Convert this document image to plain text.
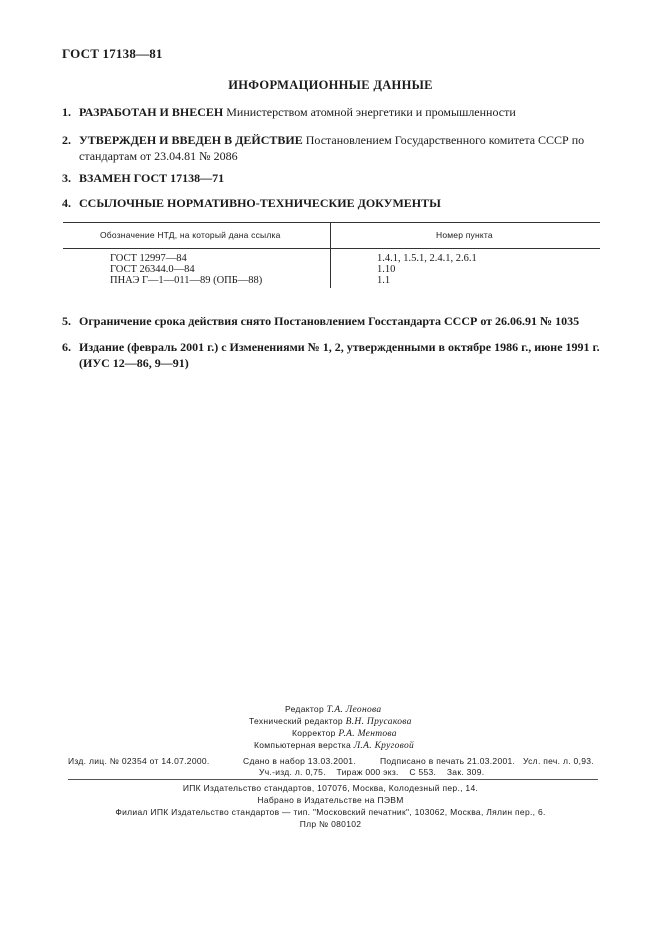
ГОСТ 17138—81
ИНФОРМАЦИОННЫЕ ДАННЫЕ
1. РАЗРАБОТАН И ВНЕСЕН Министерством атомной энергетики и промышленности
2. УТВЕРЖДЕН И ВВЕДЕН В ДЕЙСТВИЕ Постановлением Государственного комитета СССР по
стандартам от 23.04.81 № 2086
3. ВЗАМЕН ГОСТ 17138—71
4. ССЫЛОЧНЫЕ НОРМАТИВНО-ТЕХНИЧЕСКИЕ ДОКУМЕНТЫ
Обозначение НТД, на который дана ссылка	Номер пункта
ГОСТ 12997—84	1.4.1, 1.5.1, 2.4.1, 2.6.1
ГОСТ 26344.0—84	1.10
ПНАЭ Г—1—011—89 (ОПБ—88)	1.1
5. Ограничение срока действия снято Постановлением Госстандарта СССР от 26.06.91 № 1035
6. Издание (февраль 2001 г.) с Изменениями № 1, 2, утвержденными в октябре 1986 г., июне 1991 г.
(ИУС 12—86, 9—91)
Редактор Т.А. Леонова
Технический редактор В.Н. Прусакова
Корректор Р.А. Ментова
Компьютерная верстка Л.А. Круговой
Изд. лиц. № 02354 от 14.07.2000.	Сдано в набор 13.03.2001.	Подписано в печать 21.03.2001. Усл. печ. л. 0,93.
Уч.-изд. л. 0,75.    Тираж 000 экз.    С 553.    Зак. 309.
ИПК Издательство стандартов, 107076, Москва, Колодезный пер., 14.
Набрано в Издательстве на ПЭВМ
Филиал ИПК Издательство стандартов — тип. "Московский печатник", 103062, Москва, Лялин пер., 6.
Плр № 080102
